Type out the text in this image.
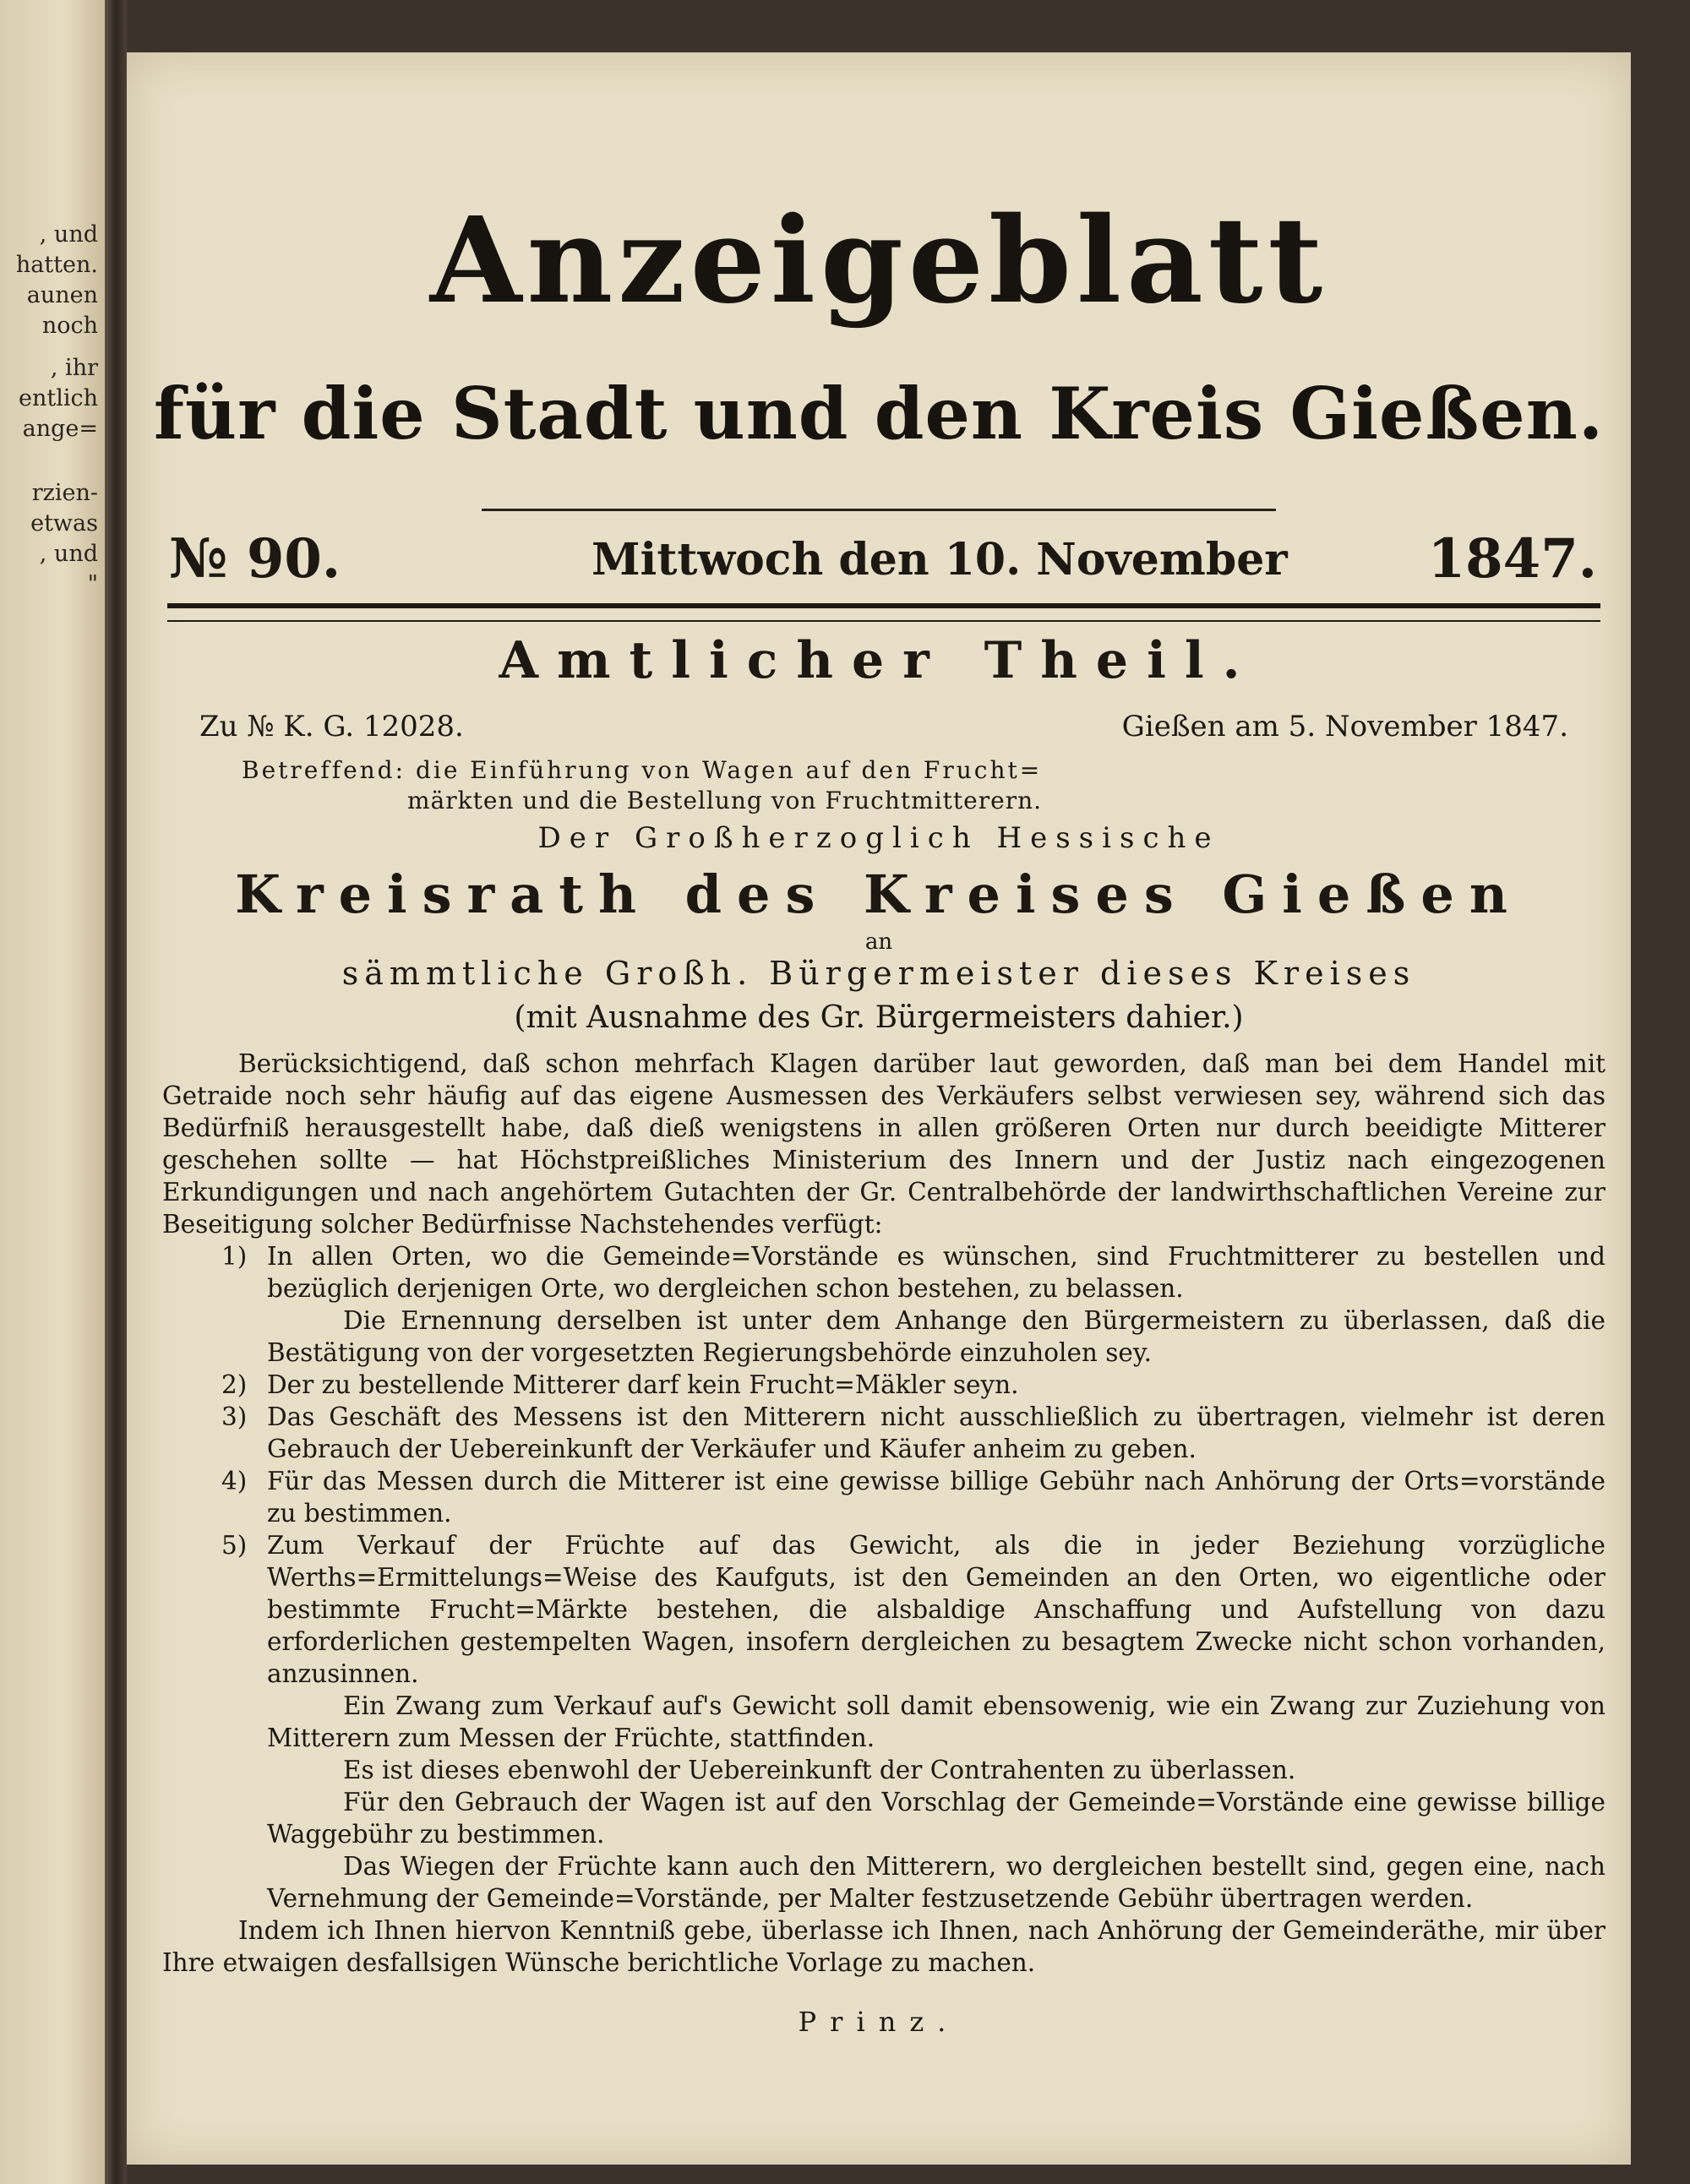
, und
hatten.
aunen
noch
, ihr
entlich
ange=
rzien-
etwas
, und
"
Anzeigeblatt
für die Stadt und den Kreis Gießen.
№ 90.	Mittwoch den 10. November	1847.
Amtlicher Theil.
Zu № K. G. 12028.	Gießen am 5. November 1847.
Betreffend: die Einführung von Wagen auf den Frucht=
märkten und die Bestellung von Fruchtmitterern.
Der Großherzoglich Hessische
Kreisrath des Kreises Gießen
an
sämmtliche Großh. Bürgermeister dieses Kreises
(mit Ausnahme des Gr. Bürgermeisters dahier.)

Berücksichtigend, daß schon mehrfach Klagen darüber laut geworden, daß man bei dem Handel mit Getraide noch sehr häufig auf das eigene Ausmessen des Verkäufers selbst verwiesen sey, während sich das Bedürfniß herausgestellt habe, daß dieß wenigstens in allen größeren Orten nur durch beeidigte Mitterer geschehen sollte — hat Höchstpreißliches Ministerium des Innern und der Justiz nach eingezogenen Erkundigungen und nach angehörtem Gutachten der Gr. Centralbehörde der landwirthschaftlichen Vereine zur Beseitigung solcher Bedürfnisse Nachstehendes verfügt:

1) In allen Orten, wo die Gemeinde=Vorstände es wünschen, sind Fruchtmitterer zu bestellen und bezüglich derjenigen Orte, wo dergleichen schon bestehen, zu belassen.

Die Ernennung derselben ist unter dem Anhange den Bürgermeistern zu überlassen, daß die Bestätigung von der vorgesetzten Regierungsbehörde einzuholen sey.

2) Der zu bestellende Mitterer darf kein Frucht=Mäkler seyn.

3) Das Geschäft des Messens ist den Mitterern nicht ausschließlich zu übertragen, vielmehr ist deren Gebrauch der Uebereinkunft der Verkäufer und Käufer anheim zu geben.

4) Für das Messen durch die Mitterer ist eine gewisse billige Gebühr nach Anhörung der Orts=vorstände zu bestimmen.

5) Zum Verkauf der Früchte auf das Gewicht, als die in jeder Beziehung vorzügliche Werths=Ermittelungs=Weise des Kaufguts, ist den Gemeinden an den Orten, wo eigentliche oder bestimmte Frucht=Märkte bestehen, die alsbaldige Anschaffung und Aufstellung von dazu erforderlichen gestempelten Wagen, insofern dergleichen zu besagtem Zwecke nicht schon vorhanden, anzusinnen.

Ein Zwang zum Verkauf auf's Gewicht soll damit ebensowenig, wie ein Zwang zur Zuziehung von Mitterern zum Messen der Früchte, stattfinden.

Es ist dieses ebenwohl der Uebereinkunft der Contrahenten zu überlassen.

Für den Gebrauch der Wagen ist auf den Vorschlag der Gemeinde=Vorstände eine gewisse billige Waggebühr zu bestimmen.

Das Wiegen der Früchte kann auch den Mitterern, wo dergleichen bestellt sind, gegen eine, nach Vernehmung der Gemeinde=Vorstände, per Malter festzusetzende Gebühr übertragen werden.

Indem ich Ihnen hiervon Kenntniß gebe, überlasse ich Ihnen, nach Anhörung der Gemeinderäthe, mir über Ihre etwaigen desfallsigen Wünsche berichtliche Vorlage zu machen.

Prinz.
